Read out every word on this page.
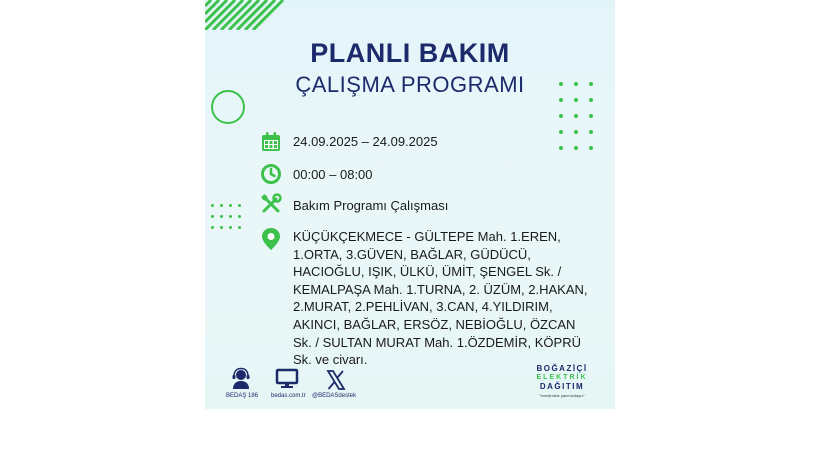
PLANLI BAKIM
ÇALIŞMA PROGRAMI
24.09.2025 – 24.09.2025
00:00 – 08:00
Bakım Programı Çalışması
KÜÇÜKÇEKMECE - GÜLTEPE Mah. 1.EREN, 1.ORTA, 3.GÜVEN, BAĞLAR, GÜDÜCÜ, HACIOĞLU, IŞIK, ÜLKÜ, ÜMİT, ŞENGEL Sk. / KEMALPAŞA Mah. 1.TURNA, 2. ÜZÜM, 2.HAKAN, 2.MURAT, 2.PEHLİVAN, 3.CAN, 4.YILDIRIM, AKINCI, BAĞLAR, ERSÖZ, NEBİOĞLU, ÖZCAN Sk. / SULTAN MURAT Mah. 1.ÖZDEMİR, KÖPRÜ Sk. ve civarı.
BEDAŞ 186 bedas.com.tr @BEDASdestek
BOĞAZİÇİ
ELEKTRİK
DAĞITIM
"enerjimizle yanınızdayız"
